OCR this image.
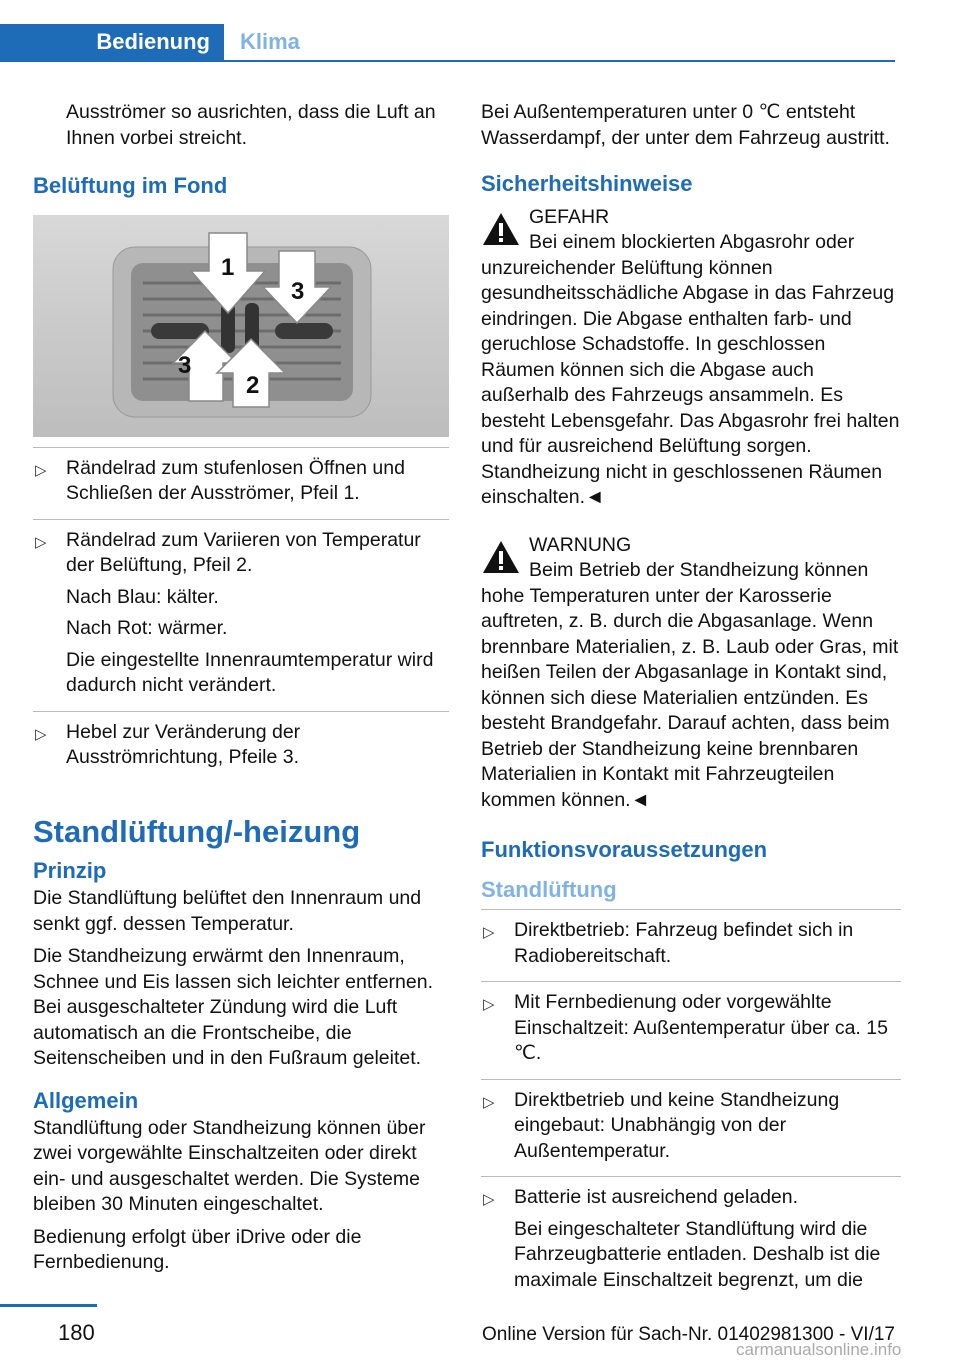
Bedienung	Klima

Ausströmer so ausrichten, dass die Luft an Ihnen vorbei streicht.

Belüftung im Fond
1
2
3
3
▷ Rändelrad zum stufenlosen Öffnen und Schließen der Ausströmer, Pfeil 1.

▷ Rändelrad zum Variieren von Temperatur der Belüftung, Pfeil 2.

Nach Blau: kälter.

Nach Rot: wärmer.

Die eingestellte Innenraumtemperatur wird dadurch nicht verändert.

▷ Hebel zur Veränderung der Ausströmrichtung, Pfeile 3.

Standlüftung/-heizung
Prinzip

Die Standlüftung belüftet den Innenraum und senkt ggf. dessen Temperatur.

Die Standheizung erwärmt den Innenraum, Schnee und Eis lassen sich leichter entfernen. Bei ausgeschalteter Zündung wird die Luft automatisch an die Frontscheibe, die Seitenscheiben und in den Fußraum geleitet.

Allgemein

Standlüftung oder Standheizung können über zwei vorgewählte Einschaltzeiten oder direkt ein- und ausgeschaltet werden. Die Systeme bleiben 30 Minuten eingeschaltet.

Bedienung erfolgt über iDrive oder die Fernbedienung.

Bei Außentemperaturen unter 0 ℃ entsteht Wasserdampf, der unter dem Fahrzeug austritt.

Sicherheitshinweise
GEFAHR
Bei einem blockierten Abgasrohr oder unzureichender Belüftung können gesundheitsschädliche Abgase in das Fahrzeug eindringen. Die Abgase enthalten farb- und geruchlose Schadstoffe. In geschlossen Räumen können sich die Abgase auch außerhalb des Fahrzeugs ansammeln. Es besteht Lebensgefahr. Das Abgasrohr frei halten und für ausreichend Belüftung sorgen. Standheizung nicht in geschlossenen Räumen einschalten.◄
WARNUNG
Beim Betrieb der Standheizung können hohe Temperaturen unter der Karosserie auftreten, z. B. durch die Abgasanlage. Wenn brennbare Materialien, z. B. Laub oder Gras, mit heißen Teilen der Abgasanlage in Kontakt sind, können sich diese Materialien entzünden. Es besteht Brandgefahr. Darauf achten, dass beim Betrieb der Standheizung keine brennbaren Materialien in Kontakt mit Fahrzeugteilen kommen können.◄
Funktionsvoraussetzungen
Standlüftung
▷ Direktbetrieb: Fahrzeug befindet sich in Radiobereitschaft.

▷ Mit Fernbedienung oder vorgewählte Einschaltzeit: Außentemperatur über ca. 15 ℃.

▷ Direktbetrieb und keine Standheizung eingebaut: Unabhängig von der Außentemperatur.

▷ Batterie ist ausreichend geladen.

Bei eingeschalteter Standlüftung wird die Fahrzeugbatterie entladen. Deshalb ist die maximale Einschaltzeit begrenzt, um die

180	Online Version für Sach-Nr. 01402981300 - VI/17
carmanualsonline.info
